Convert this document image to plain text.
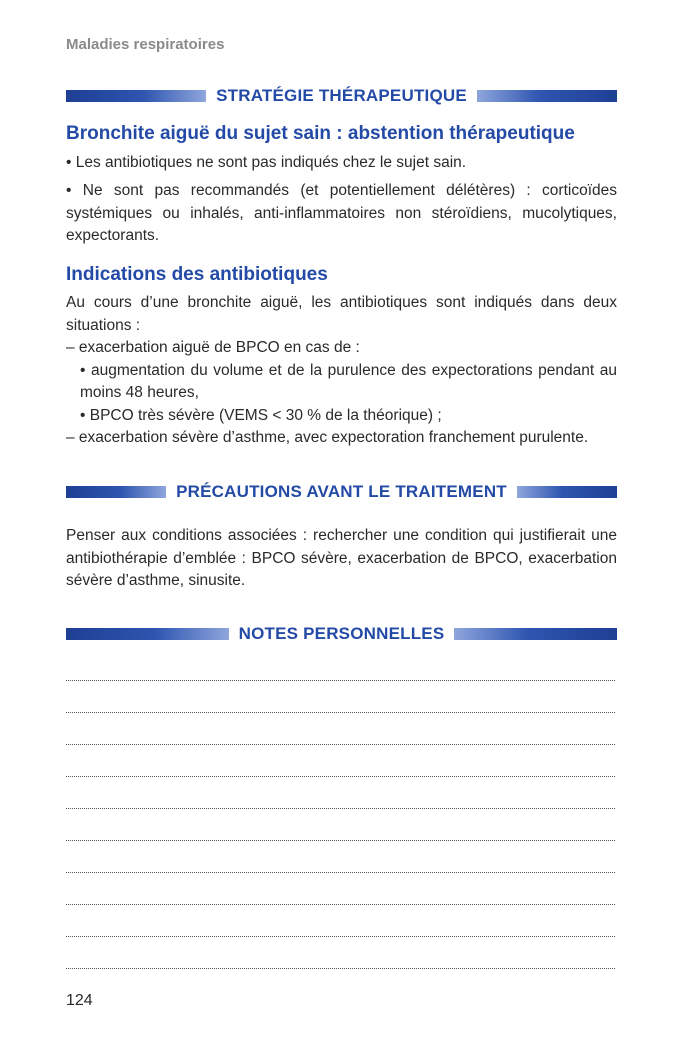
Maladies respiratoires
STRATÉGIE THÉRAPEUTIQUE
Bronchite aiguë du sujet sain : abstention thérapeutique
• Les antibiotiques ne sont pas indiqués chez le sujet sain.
• Ne sont pas recommandés (et potentiellement délétères) : corticoïdes systémiques ou inhalés, anti-inflammatoires non stéroïdiens, mucolytiques, expectorants.
Indications des antibiotiques
Au cours d’une bronchite aiguë, les antibiotiques sont indiqués dans deux situations :
– exacerbation aiguë de BPCO en cas de :
• augmentation du volume et de la purulence des expectorations pendant au moins 48 heures,
• BPCO très sévère (VEMS < 30 % de la théorique) ;
– exacerbation sévère d’asthme, avec expectoration franchement purulente.
PRÉCAUTIONS AVANT LE TRAITEMENT
Penser aux conditions associées : rechercher une condition qui justifierait une antibiothérapie d’emblée : BPCO sévère, exacerbation de BPCO, exacerbation sévère d’asthme, sinusite.
NOTES PERSONNELLES
124
